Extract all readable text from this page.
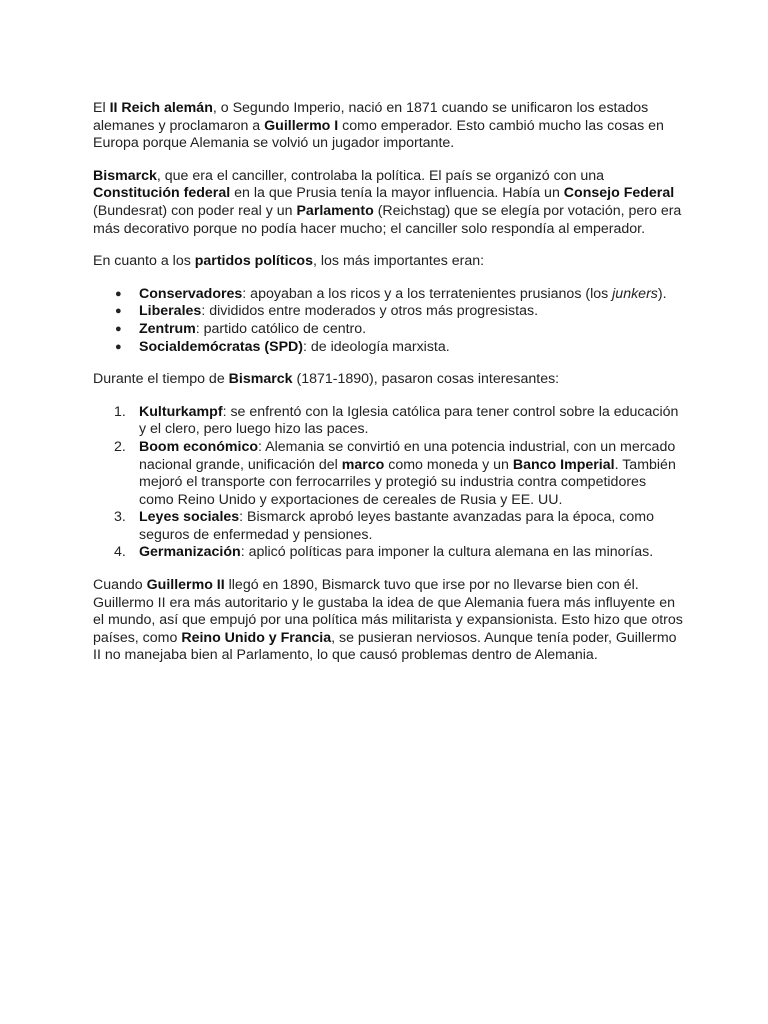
El II Reich alemán, o Segundo Imperio, nació en 1871 cuando se unificaron los estados alemanes y proclamaron a Guillermo I como emperador. Esto cambió mucho las cosas en Europa porque Alemania se volvió un jugador importante.

Bismarck, que era el canciller, controlaba la política. El país se organizó con una Constitución federal en la que Prusia tenía la mayor influencia. Había un Consejo Federal (Bundesrat) con poder real y un Parlamento (Reichstag) que se elegía por votación, pero era más decorativo porque no podía hacer mucho; el canciller solo respondía al emperador.

En cuanto a los partidos políticos, los más importantes eran:

●	Conservadores: apoyaban a los ricos y a los terratenientes prusianos (los junkers).
●	Liberales: divididos entre moderados y otros más progresistas.
●	Zentrum: partido católico de centro.
●	Socialdemócratas (SPD): de ideología marxista.

Durante el tiempo de Bismarck (1871-1890), pasaron cosas interesantes:

1. Kulturkampf: se enfrentó con la Iglesia católica para tener control sobre la educación y el clero, pero luego hizo las paces.
2. Boom económico: Alemania se convirtió en una potencia industrial, con un mercado nacional grande, unificación del marco como moneda y un Banco Imperial. También mejoró el transporte con ferrocarriles y protegió su industria contra competidores como Reino Unido y exportaciones de cereales de Rusia y EE. UU.
3. Leyes sociales: Bismarck aprobó leyes bastante avanzadas para la época, como seguros de enfermedad y pensiones.
4. Germanización: aplicó políticas para imponer la cultura alemana en las minorías.

Cuando Guillermo II llegó en 1890, Bismarck tuvo que irse por no llevarse bien con él. Guillermo II era más autoritario y le gustaba la idea de que Alemania fuera más influyente en el mundo, así que empujó por una política más militarista y expansionista. Esto hizo que otros países, como Reino Unido y Francia, se pusieran nerviosos. Aunque tenía poder, Guillermo II no manejaba bien al Parlamento, lo que causó problemas dentro de Alemania.
